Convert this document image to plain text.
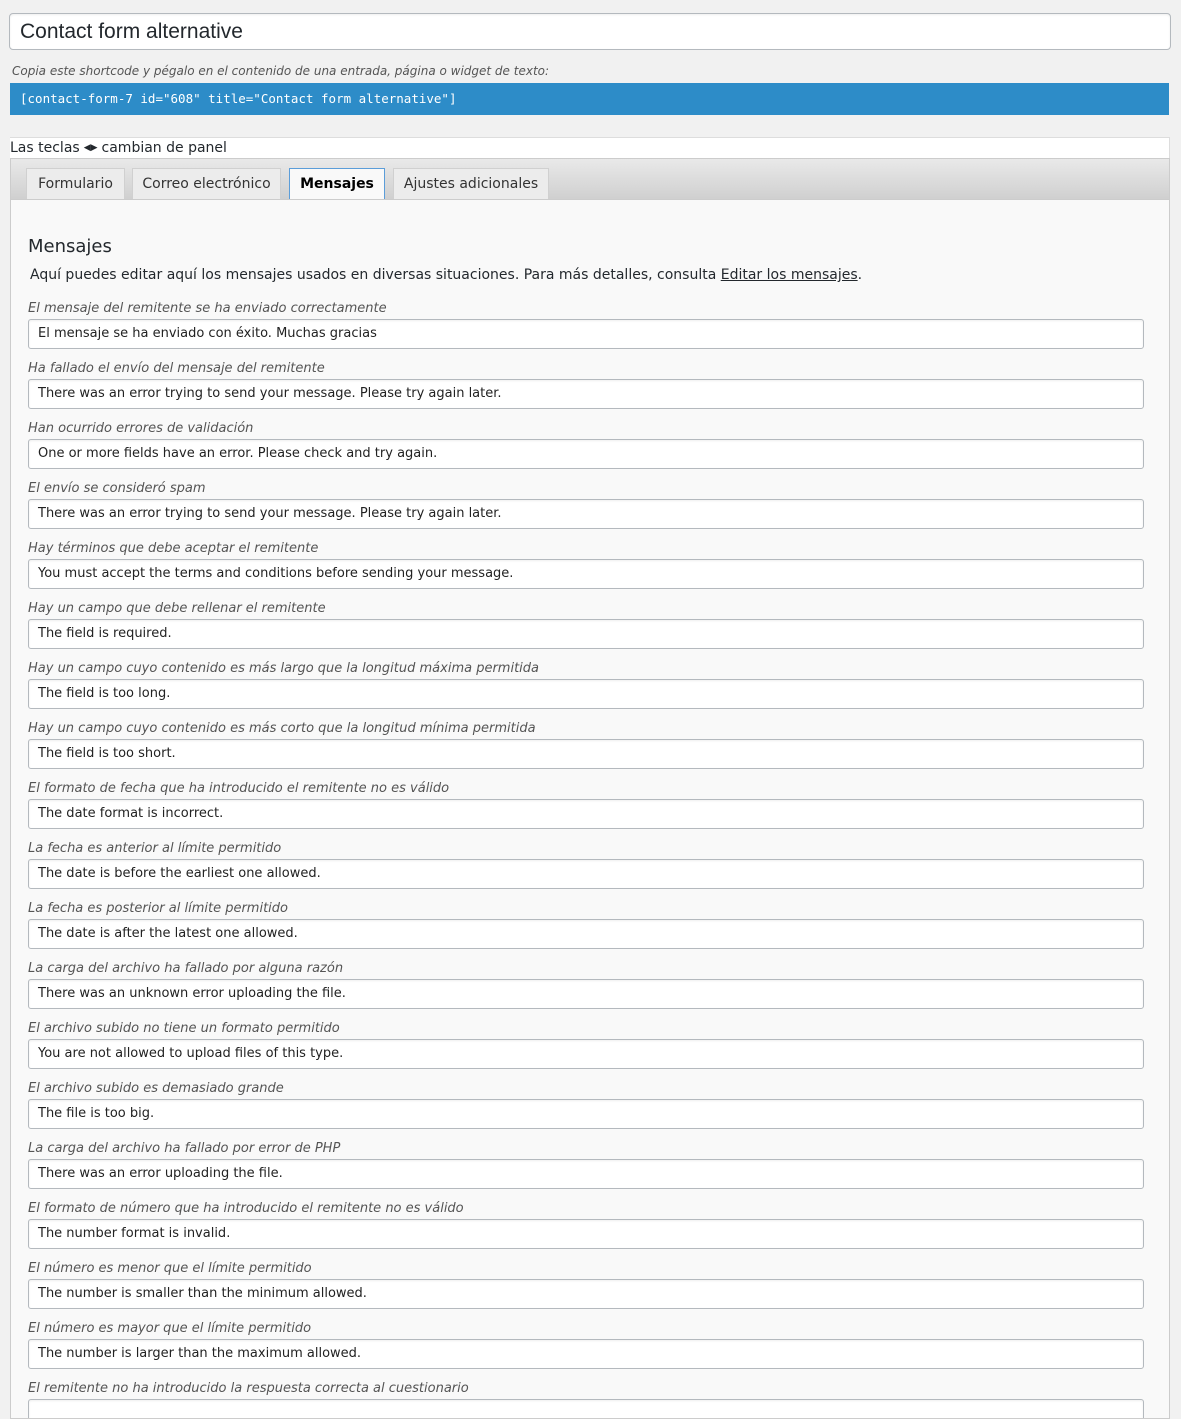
Contact form alternative
Copia este shortcode y pégalo en el contenido de una entrada, página o widget de texto:
[contact-form-7 id="608" title="Contact form alternative"]
Las teclas ◀▶ cambian de panel
Formulario	Correo electrónico	Mensajes	Ajustes adicionales
Mensajes
Aquí puedes editar aquí los mensajes usados en diversas situaciones. Para más detalles, consulta Editar los mensajes.
El mensaje del remitente se ha enviado correctamente
El mensaje se ha enviado con éxito. Muchas gracias
Ha fallado el envío del mensaje del remitente
There was an error trying to send your message. Please try again later.
Han ocurrido errores de validación
One or more fields have an error. Please check and try again.
El envío se consideró spam
There was an error trying to send your message. Please try again later.
Hay términos que debe aceptar el remitente
You must accept the terms and conditions before sending your message.
Hay un campo que debe rellenar el remitente
The field is required.
Hay un campo cuyo contenido es más largo que la longitud máxima permitida
The field is too long.
Hay un campo cuyo contenido es más corto que la longitud mínima permitida
The field is too short.
El formato de fecha que ha introducido el remitente no es válido
The date format is incorrect.
La fecha es anterior al límite permitido
The date is before the earliest one allowed.
La fecha es posterior al límite permitido
The date is after the latest one allowed.
La carga del archivo ha fallado por alguna razón
There was an unknown error uploading the file.
El archivo subido no tiene un formato permitido
You are not allowed to upload files of this type.
El archivo subido es demasiado grande
The file is too big.
La carga del archivo ha fallado por error de PHP
There was an error uploading the file.
El formato de número que ha introducido el remitente no es válido
The number format is invalid.
El número es menor que el límite permitido
The number is smaller than the minimum allowed.
El número es mayor que el límite permitido
The number is larger than the maximum allowed.
El remitente no ha introducido la respuesta correcta al cuestionario
